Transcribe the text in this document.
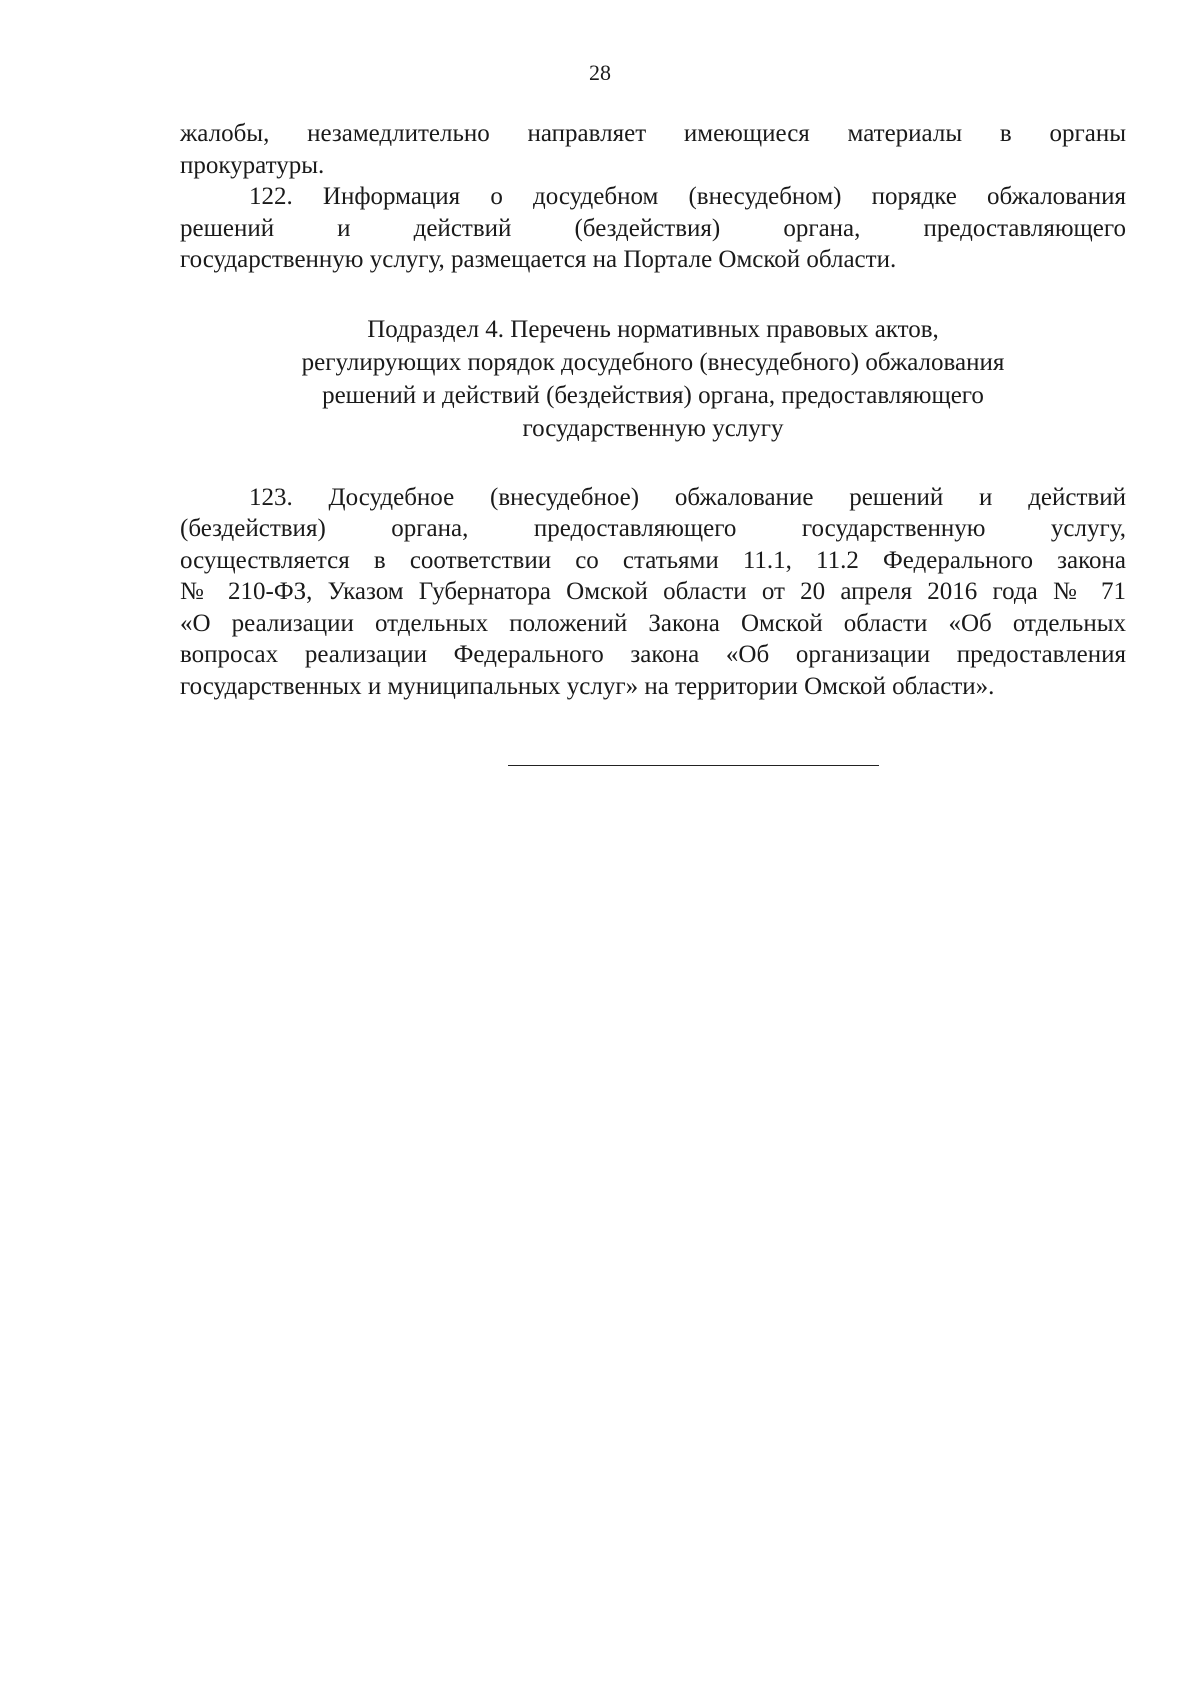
28
жалобы, незамедлительно направляет имеющиеся материалы в органы
прокуратуры.
122. Информация о досудебном (внесудебном) порядке обжалования
решений и действий (бездействия) органа, предоставляющего
государственную услугу, размещается на Портале Омской области.
Подраздел 4. Перечень нормативных правовых актов,
регулирующих порядок досудебного (внесудебного) обжалования
решений и действий (бездействия) органа, предоставляющего
государственную услугу
123. Досудебное (внесудебное) обжалование решений и действий
(бездействия) органа, предоставляющего государственную услугу,
осуществляется в соответствии со статьями 11.1, 11.2 Федерального закона
№ 210-ФЗ, Указом Губернатора Омской области от 20 апреля 2016 года № 71
«О реализации отдельных положений Закона Омской области «Об отдельных
вопросах реализации Федерального закона «Об организации предоставления
государственных и муниципальных услуг» на территории Омской области».
